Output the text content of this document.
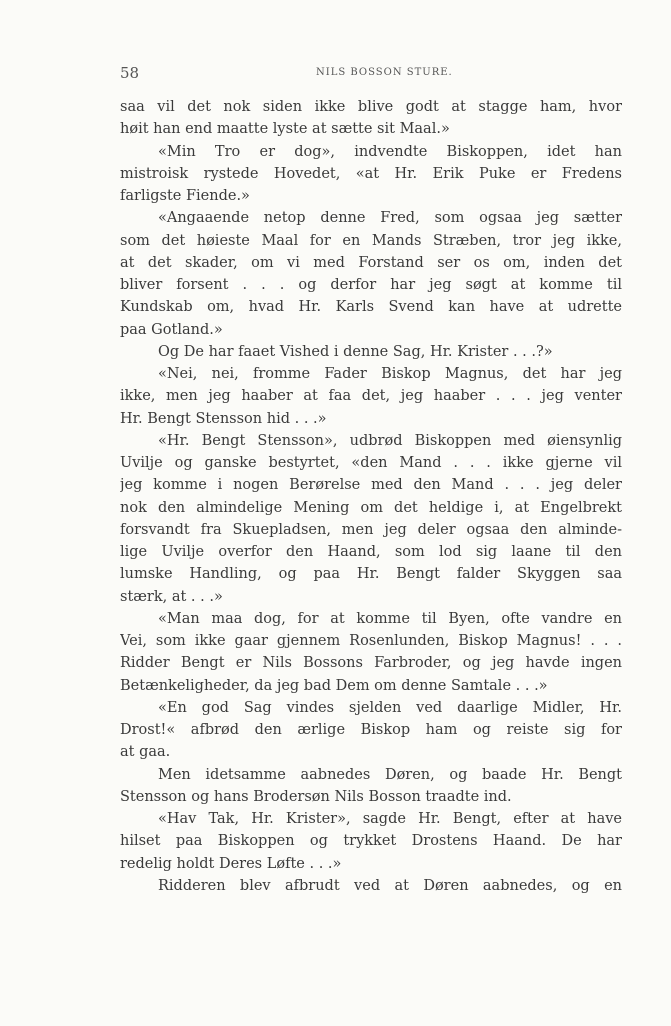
58	NILS BOSSON STURE.
saa vil det nok siden ikke blive godt at stagge ham, hvor
høit han end maatte lyste at sætte sit Maal.»
«Min Tro er dog», indvendte Biskoppen, idet han
mistroisk rystede Hovedet, «at Hr. Erik Puke er Fredens
farligste Fiende.»
«Angaaende netop denne Fred, som ogsaa jeg sætter
som det høieste Maal for en Mands Stræben, tror jeg ikke,
at det skader, om vi med Forstand ser os om, inden det
bliver forsent . . . og derfor har jeg søgt at komme til
Kundskab om, hvad Hr. Karls Svend kan have at udrette
paa Gotland.»
Og De har faaet Vished i denne Sag, Hr. Krister . . .?»
«Nei, nei, fromme Fader Biskop Magnus, det har jeg
ikke, men jeg haaber at faa det, jeg haaber . . . jeg venter
Hr. Bengt Stensson hid . . .»
«Hr. Bengt Stensson», udbrød Biskoppen med øiensynlig
Uvilje og ganske bestyrtet, «den Mand . . . ikke gjerne vil
jeg komme i nogen Berørelse med den Mand . . . jeg deler
nok den almindelige Mening om det heldige i, at Engelbrekt
forsvandt fra Skuepladsen, men jeg deler ogsaa den alminde-
lige Uvilje overfor den Haand, som lod sig laane til den
lumske Handling, og paa Hr. Bengt falder Skyggen saa
stærk, at . . .»
«Man maa dog, for at komme til Byen, ofte vandre en
Vei, som ikke gaar gjennem Rosenlunden, Biskop Magnus! . . .
Ridder Bengt er Nils Bossons Farbroder, og jeg havde ingen
Betænkeligheder, da jeg bad Dem om denne Samtale . . .»
«En god Sag vindes sjelden ved daarlige Midler, Hr.
Drost!« afbrød den ærlige Biskop ham og reiste sig for
at gaa.
Men idetsamme aabnedes Døren, og baade Hr. Bengt
Stensson og hans Brodersøn Nils Bosson traadte ind.
«Hav Tak, Hr. Krister», sagde Hr. Bengt, efter at have
hilset paa Biskoppen og trykket Drostens Haand. De har
redelig holdt Deres Løfte . . .»
Ridderen blev afbrudt ved at Døren aabnedes, og en
